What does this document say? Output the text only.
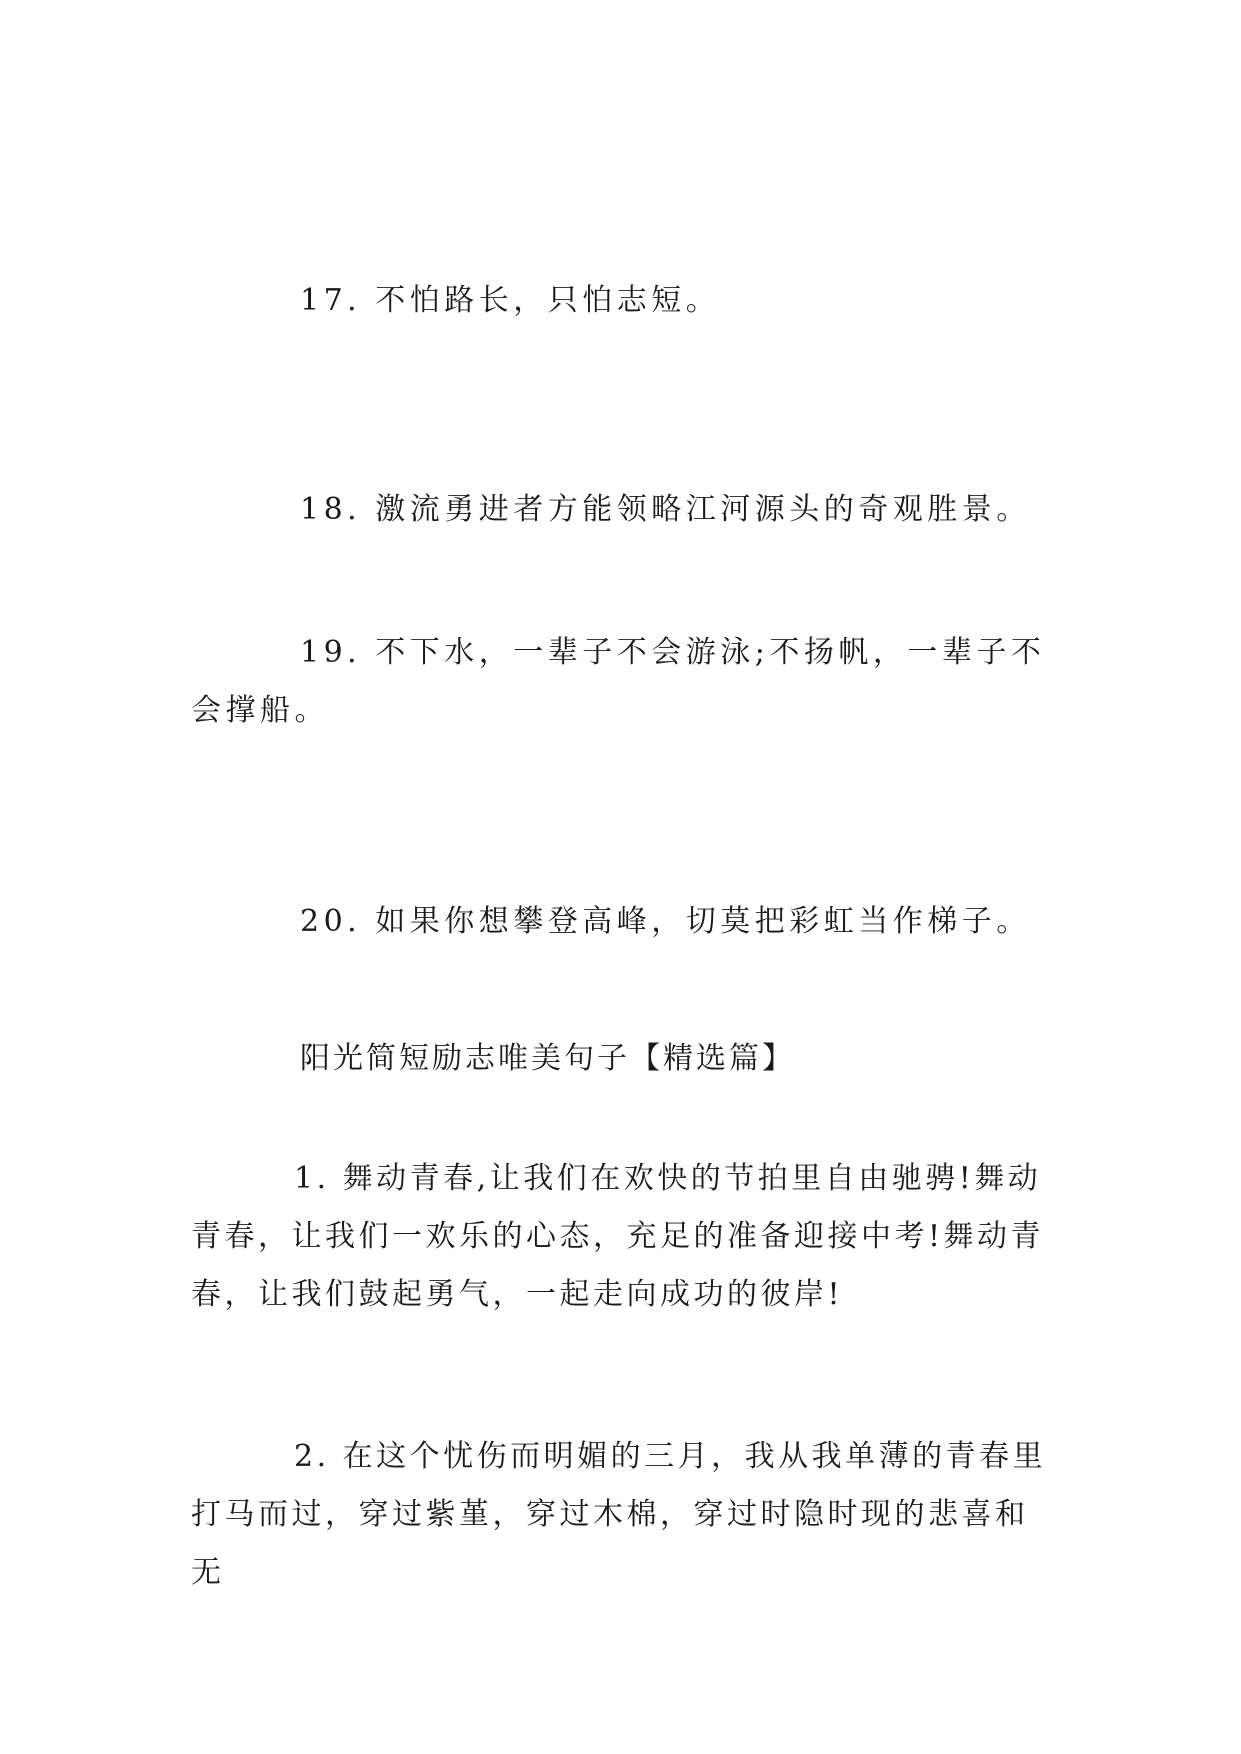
17. 不怕路长，只怕志短。

18. 激流勇进者方能领略江河源头的奇观胜景。

19. 不下水，一辈子不会游泳;不扬帆，一辈子不会撑船。

20. 如果你想攀登高峰，切莫把彩虹当作梯子。

阳光简短励志唯美句子【精选篇】

1. 舞动青春,让我们在欢快的节拍里自由驰骋!舞动青春，让我们一欢乐的心态，充足的准备迎接中考!舞动青春，让我们鼓起勇气，一起走向成功的彼岸!

2. 在这个忧伤而明媚的三月，我从我单薄的青春里打马而过，穿过紫堇，穿过木棉，穿过时隐时现的悲喜和无
